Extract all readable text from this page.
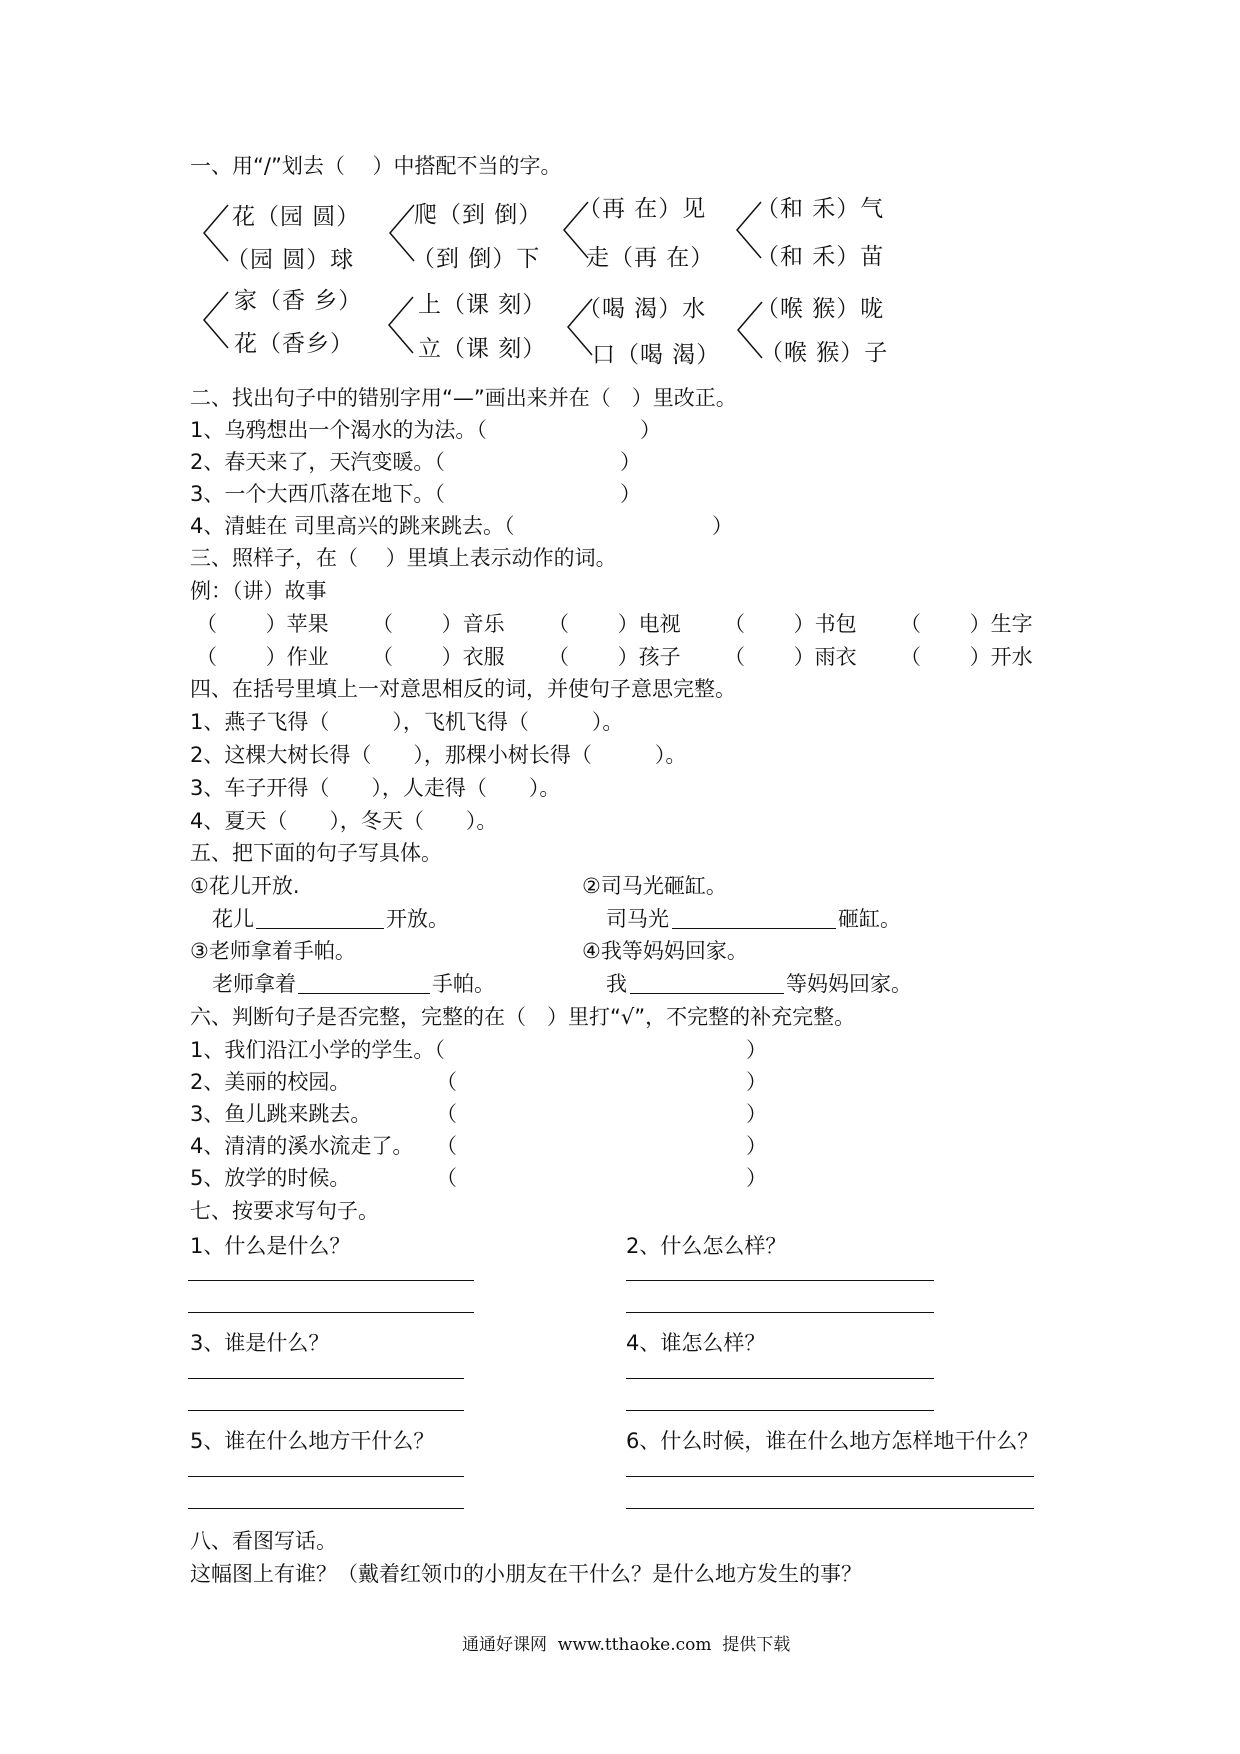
一、用“/”划去（　 ）中搭配不当的字。
花（园 圆）
（园 圆）球
爬（到 倒）
（到 倒）下
（再 在）见
走（再 在）
（和 禾）气
（和 禾）苗
家（香 乡）
花（香乡）
上（课 刻）
立（课 刻）
（喝 渴）水
口（喝 渴）
（喉 猴）咙
（喉 猴）子
二、找出句子中的错别字用“—”画出来并在（　）里改正。
1、乌鸦想出一个渴水的为法。（	）
2、春天来了，天汽变暖。（	）
3、一个大西爪落在地下。（	）
4、清蛙在 司里高兴的跳来跳去。（	）
三、照样子，在（　 ）里填上表示动作的词。
例：（讲）故事
（　　 ）苹果 （　　 ）音乐 （　　 ）电视 （　　 ）书包 （　　 ）生字
（　　 ）作业 （　　 ）衣服 （　　 ）孩子 （　　 ）雨衣 （　　 ）开水
四、在括号里填上一对意思相反的词，并使句子意思完整。
1、燕子飞得（　　　），飞机飞得（　　　）。
2、这棵大树长得（　　），那棵小树长得（　　　）。
3、车子开得（　　），人走得（　　）。
4、夏天（　　），冬天（　　）。
五、把下面的句子写具体。
①花儿开放.	②司马光砸缸。
花儿	开放。	司马光	砸缸。
③老师拿着手帕。	④我等妈妈回家。
老师拿着	手帕。	我	等妈妈回家。
六、判断句子是否完整，完整的在（　）里打“√”，不完整的补充完整。
1、我们沿江小学的学生。（	）
2、美丽的校园。	（	）
3、鱼儿跳来跳去。	（	）
4、清清的溪水流走了。 （	）
5、放学的时候。	（	）
七、按要求写句子。
1、什么是什么？	2、什么怎么样？
3、谁是什么？	4、谁怎么样？
5、谁在什么地方干什么？	6、什么时候，谁在什么地方怎样地干什么？
八、看图写话。
这幅图上有谁？（戴着红领巾的小朋友在干什么？是什么地方发生的事？
通通好课网  www.tthaoke.com  提供下载
